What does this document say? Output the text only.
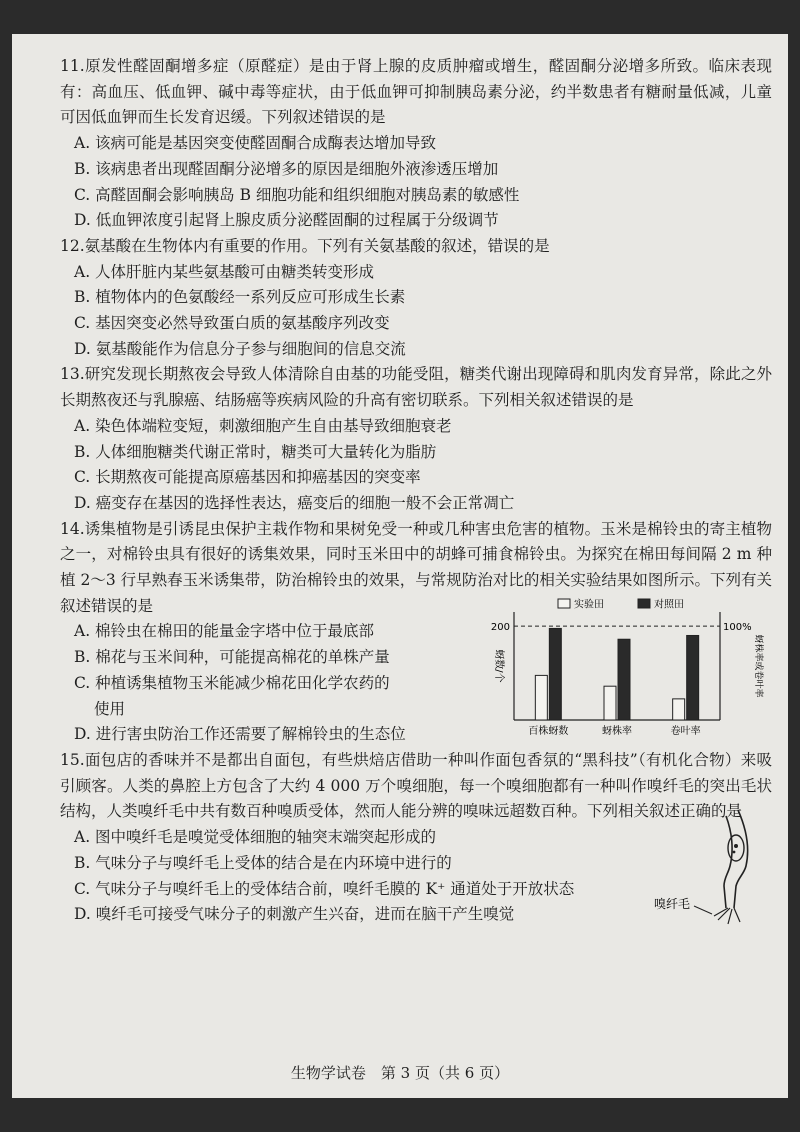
11.原发性醛固酮增多症（原醛症）是由于肾上腺的皮质肿瘤或增生，醛固酮分泌增多所致。临床表现有：高血压、低血钾、碱中毒等症状，由于低血钾可抑制胰岛素分泌，约半数患者有糖耐量低减，儿童可因低血钾而生长发育迟缓。下列叙述错误的是
A. 该病可能是基因突变使醛固酮合成酶表达增加导致
B. 该病患者出现醛固酮分泌增多的原因是细胞外液渗透压增加
C. 高醛固酮会影响胰岛 B 细胞功能和组织细胞对胰岛素的敏感性
D. 低血钾浓度引起肾上腺皮质分泌醛固酮的过程属于分级调节
12.氨基酸在生物体内有重要的作用。下列有关氨基酸的叙述，错误的是
A. 人体肝脏内某些氨基酸可由糖类转变形成
B. 植物体内的色氨酸经一系列反应可形成生长素
C. 基因突变必然导致蛋白质的氨基酸序列改变
D. 氨基酸能作为信息分子参与细胞间的信息交流
13.研究发现长期熬夜会导致人体清除自由基的功能受阻，糖类代谢出现障碍和肌肉发育异常，除此之外长期熬夜还与乳腺癌、结肠癌等疾病风险的升高有密切联系。下列相关叙述错误的是
A. 染色体端粒变短，刺激细胞产生自由基导致细胞衰老
B. 人体细胞糖类代谢正常时，糖类可大量转化为脂肪
C. 长期熬夜可能提高原癌基因和抑癌基因的突变率
D. 癌变存在基因的选择性表达，癌变后的细胞一般不会正常凋亡
14.诱集植物是引诱昆虫保护主栽作物和果树免受一种或几种害虫危害的植物。玉米是棉铃虫的寄主植物之一，对棉铃虫具有很好的诱集效果，同时玉米田中的胡蜂可捕食棉铃虫。为探究在棉田每间隔 2 m 种植 2～3 行早熟春玉米诱集带，防治棉铃虫的效果，与常规防治对比的相关实验结果如图所示。下列有关叙述错误的是
A. 棉铃虫在棉田的能量金字塔中位于最底部
B. 棉花与玉米间种，可能提高棉花的单株产量
C. 种植诱集植物玉米能减少棉花田化学农药的
使用
D. 进行害虫防治工作还需要了解棉铃虫的生态位
200	100%
蚜数/个	蚜株率或卷叶率
百株蚜数	蚜株率	卷叶率
实验田	对照田
15.面包店的香味并不是都出自面包，有些烘焙店借助一种叫作面包香氛的“黑科技”（有机化合物）来吸引顾客。人类的鼻腔上方包含了大约 4 000 万个嗅细胞，每一个嗅细胞都有一种叫作嗅纤毛的突出毛状结构，人类嗅纤毛中共有数百种嗅质受体，然而人能分辨的嗅味远超数百种。下列相关叙述正确的是
A. 图中嗅纤毛是嗅觉受体细胞的轴突末端突起形成的
B. 气味分子与嗅纤毛上受体的结合是在内环境中进行的
C. 气味分子与嗅纤毛上的受体结合前，嗅纤毛膜的 K⁺ 通道处于开放状态
D. 嗅纤毛可接受气味分子的刺激产生兴奋，进而在脑干产生嗅觉
嗅纤毛
生物学试卷　第 3 页（共 6 页）
